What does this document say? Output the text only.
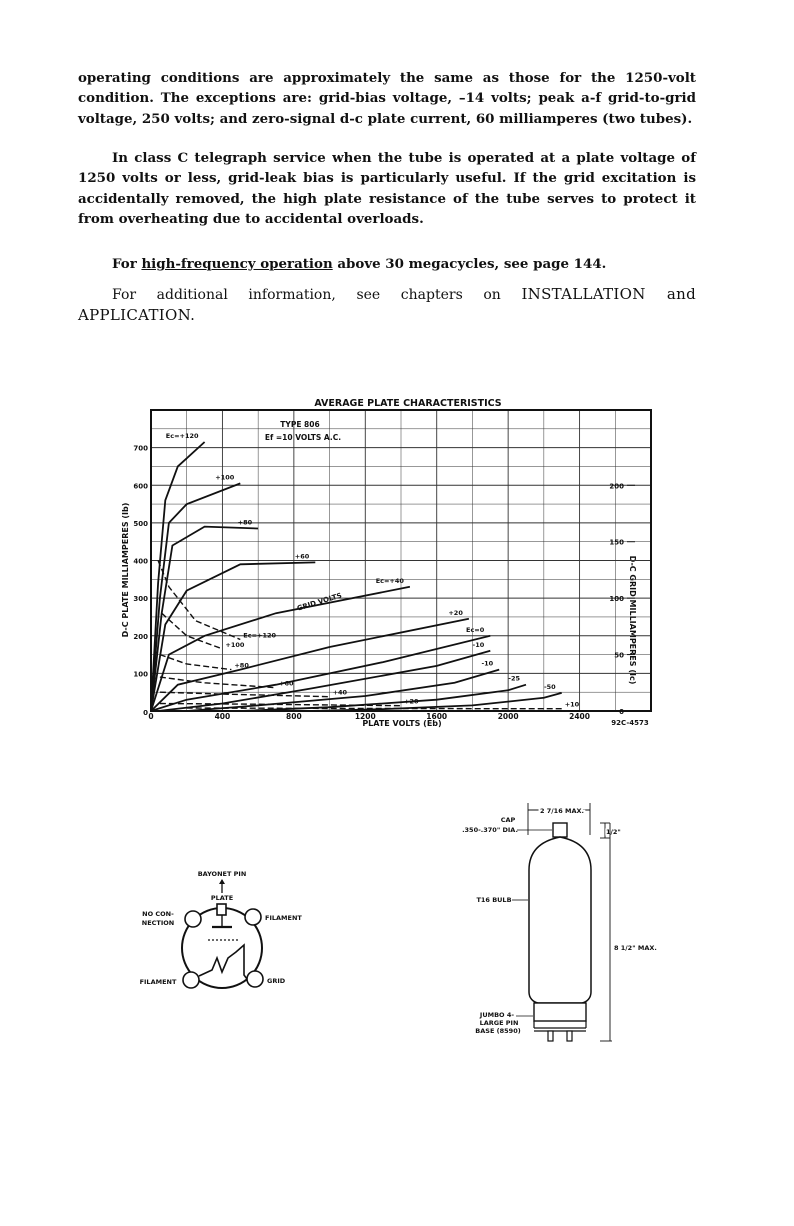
operating conditions are approximately the same as those for the 1250-volt condition. The exceptions are: grid-bias voltage, –14 volts; peak a-f grid-to-grid voltage, 250 volts; and zero-signal d-c plate current, 60 milliamperes (two tubes).

In class C telegraph service when the tube is operated at a plate voltage of 1250 volts or less, grid-leak bias is particularly useful. If the grid excitation is accidentally removed, the high plate resistance of the tube serves to protect it from overheating due to accidental overloads.

For high-frequency operation above 30 megacycles, see page 144.

For additional information, see chapters on INSTALLATION and APPLICATION.

AVERAGE PLATE CHARACTERISTICS
TYPE 806
Ef =10 VOLTS A.C.
PLATE VOLTS (Eb)
D-C PLATE MILLIAMPERES (Ib)	D-C GRID MILLIAMPERES (Ic)
92C-4573
GRID VOLTS
0	400	800	1200	1600	2000	2400
100
200
300
400
500
600
700
0	0
50
100
150
200
Ec=+120
+100
+80
+60
Ec=+40
+20
-10
Ec=0
-10
-25
-50
Ec=+120
+100
+80
+60
+40
+20	+10
BAYONET PIN
PLATE
NO CON-
NECTION
FILAMENT
FILAMENT	GRID
2 7/16 MAX.
1/2"
8 1/2" MAX.
CAP
.350-.370" DIA.
T16 BULB
JUMBO 4-
LARGE PIN
BASE (8590)
